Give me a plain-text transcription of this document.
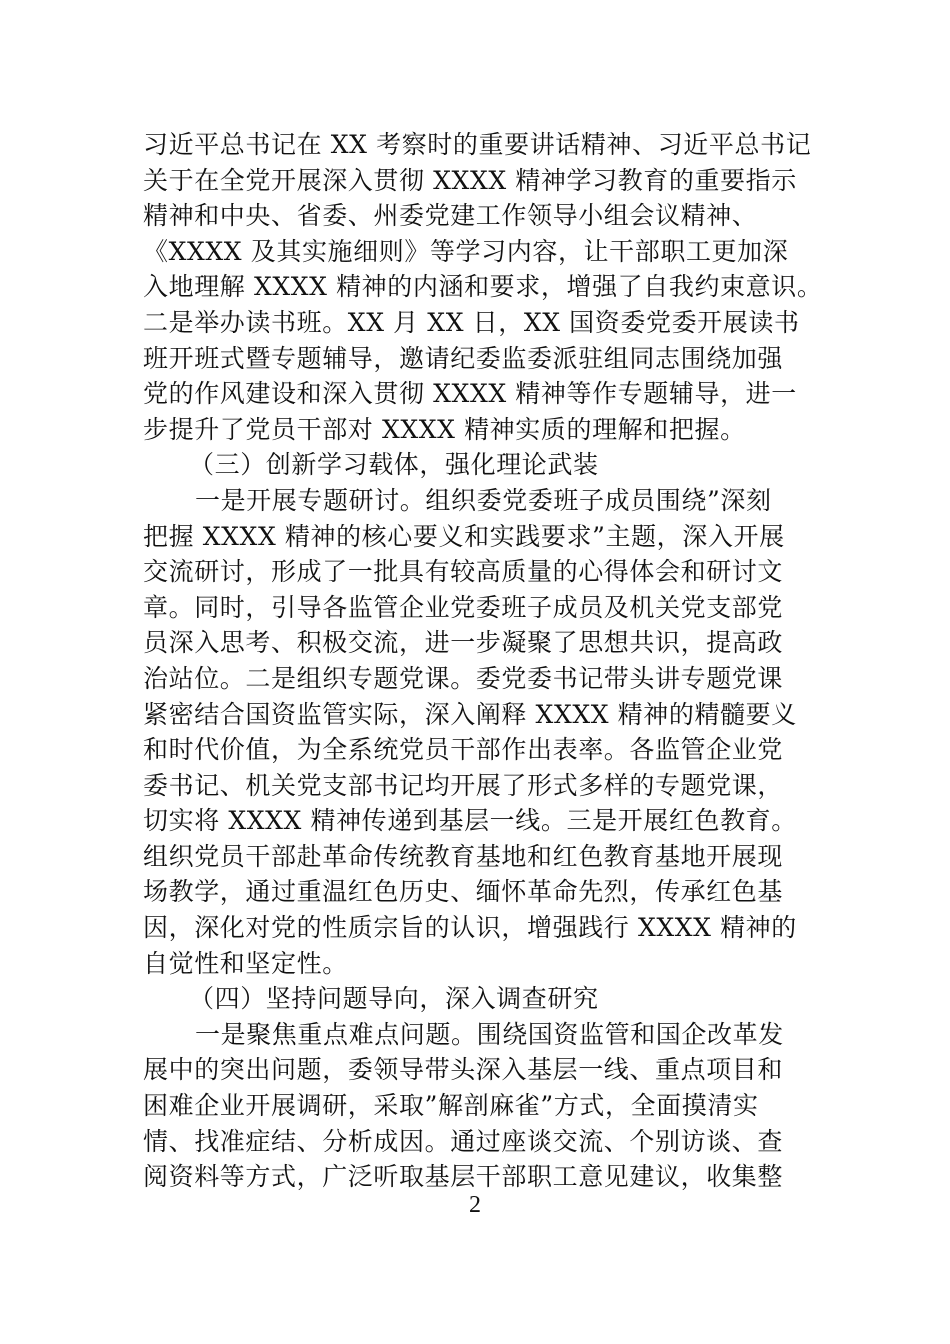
习近平总书记在 XX 考察时的重要讲话精神、习近平总书记
关于在全党开展深入贯彻 XXXX 精神学习教育的重要指示
精神和中央、省委、州委党建工作领导小组会议精神、
《XXXX 及其实施细则》等学习内容，让干部职工更加深
入地理解 XXXX 精神的内涵和要求，增强了自我约束意识。
二是举办读书班。XX 月 XX 日，XX 国资委党委开展读书
班开班式暨专题辅导，邀请纪委监委派驻组同志围绕加强
党的作风建设和深入贯彻 XXXX 精神等作专题辅导，进一
步提升了党员干部对 XXXX 精神实质的理解和把握。
（三）创新学习载体，强化理论武装
一是开展专题研讨。组织委党委班子成员围绕”深刻
把握 XXXX 精神的核心要义和实践要求”主题，深入开展
交流研讨，形成了一批具有较高质量的心得体会和研讨文
章。同时，引导各监管企业党委班子成员及机关党支部党
员深入思考、积极交流，进一步凝聚了思想共识，提高政
治站位。二是组织专题党课。委党委书记带头讲专题党课
紧密结合国资监管实际，深入阐释 XXXX 精神的精髓要义
和时代价值，为全系统党员干部作出表率。各监管企业党
委书记、机关党支部书记均开展了形式多样的专题党课，
切实将 XXXX 精神传递到基层一线。三是开展红色教育。
组织党员干部赴革命传统教育基地和红色教育基地开展现
场教学，通过重温红色历史、缅怀革命先烈，传承红色基
因，深化对党的性质宗旨的认识，增强践行 XXXX 精神的
自觉性和坚定性。
（四）坚持问题导向，深入调查研究
一是聚焦重点难点问题。围绕国资监管和国企改革发
展中的突出问题，委领导带头深入基层一线、重点项目和
困难企业开展调研，采取”解剖麻雀”方式，全面摸清实
情、找准症结、分析成因。通过座谈交流、个别访谈、查
阅资料等方式，广泛听取基层干部职工意见建议，收集整
2
